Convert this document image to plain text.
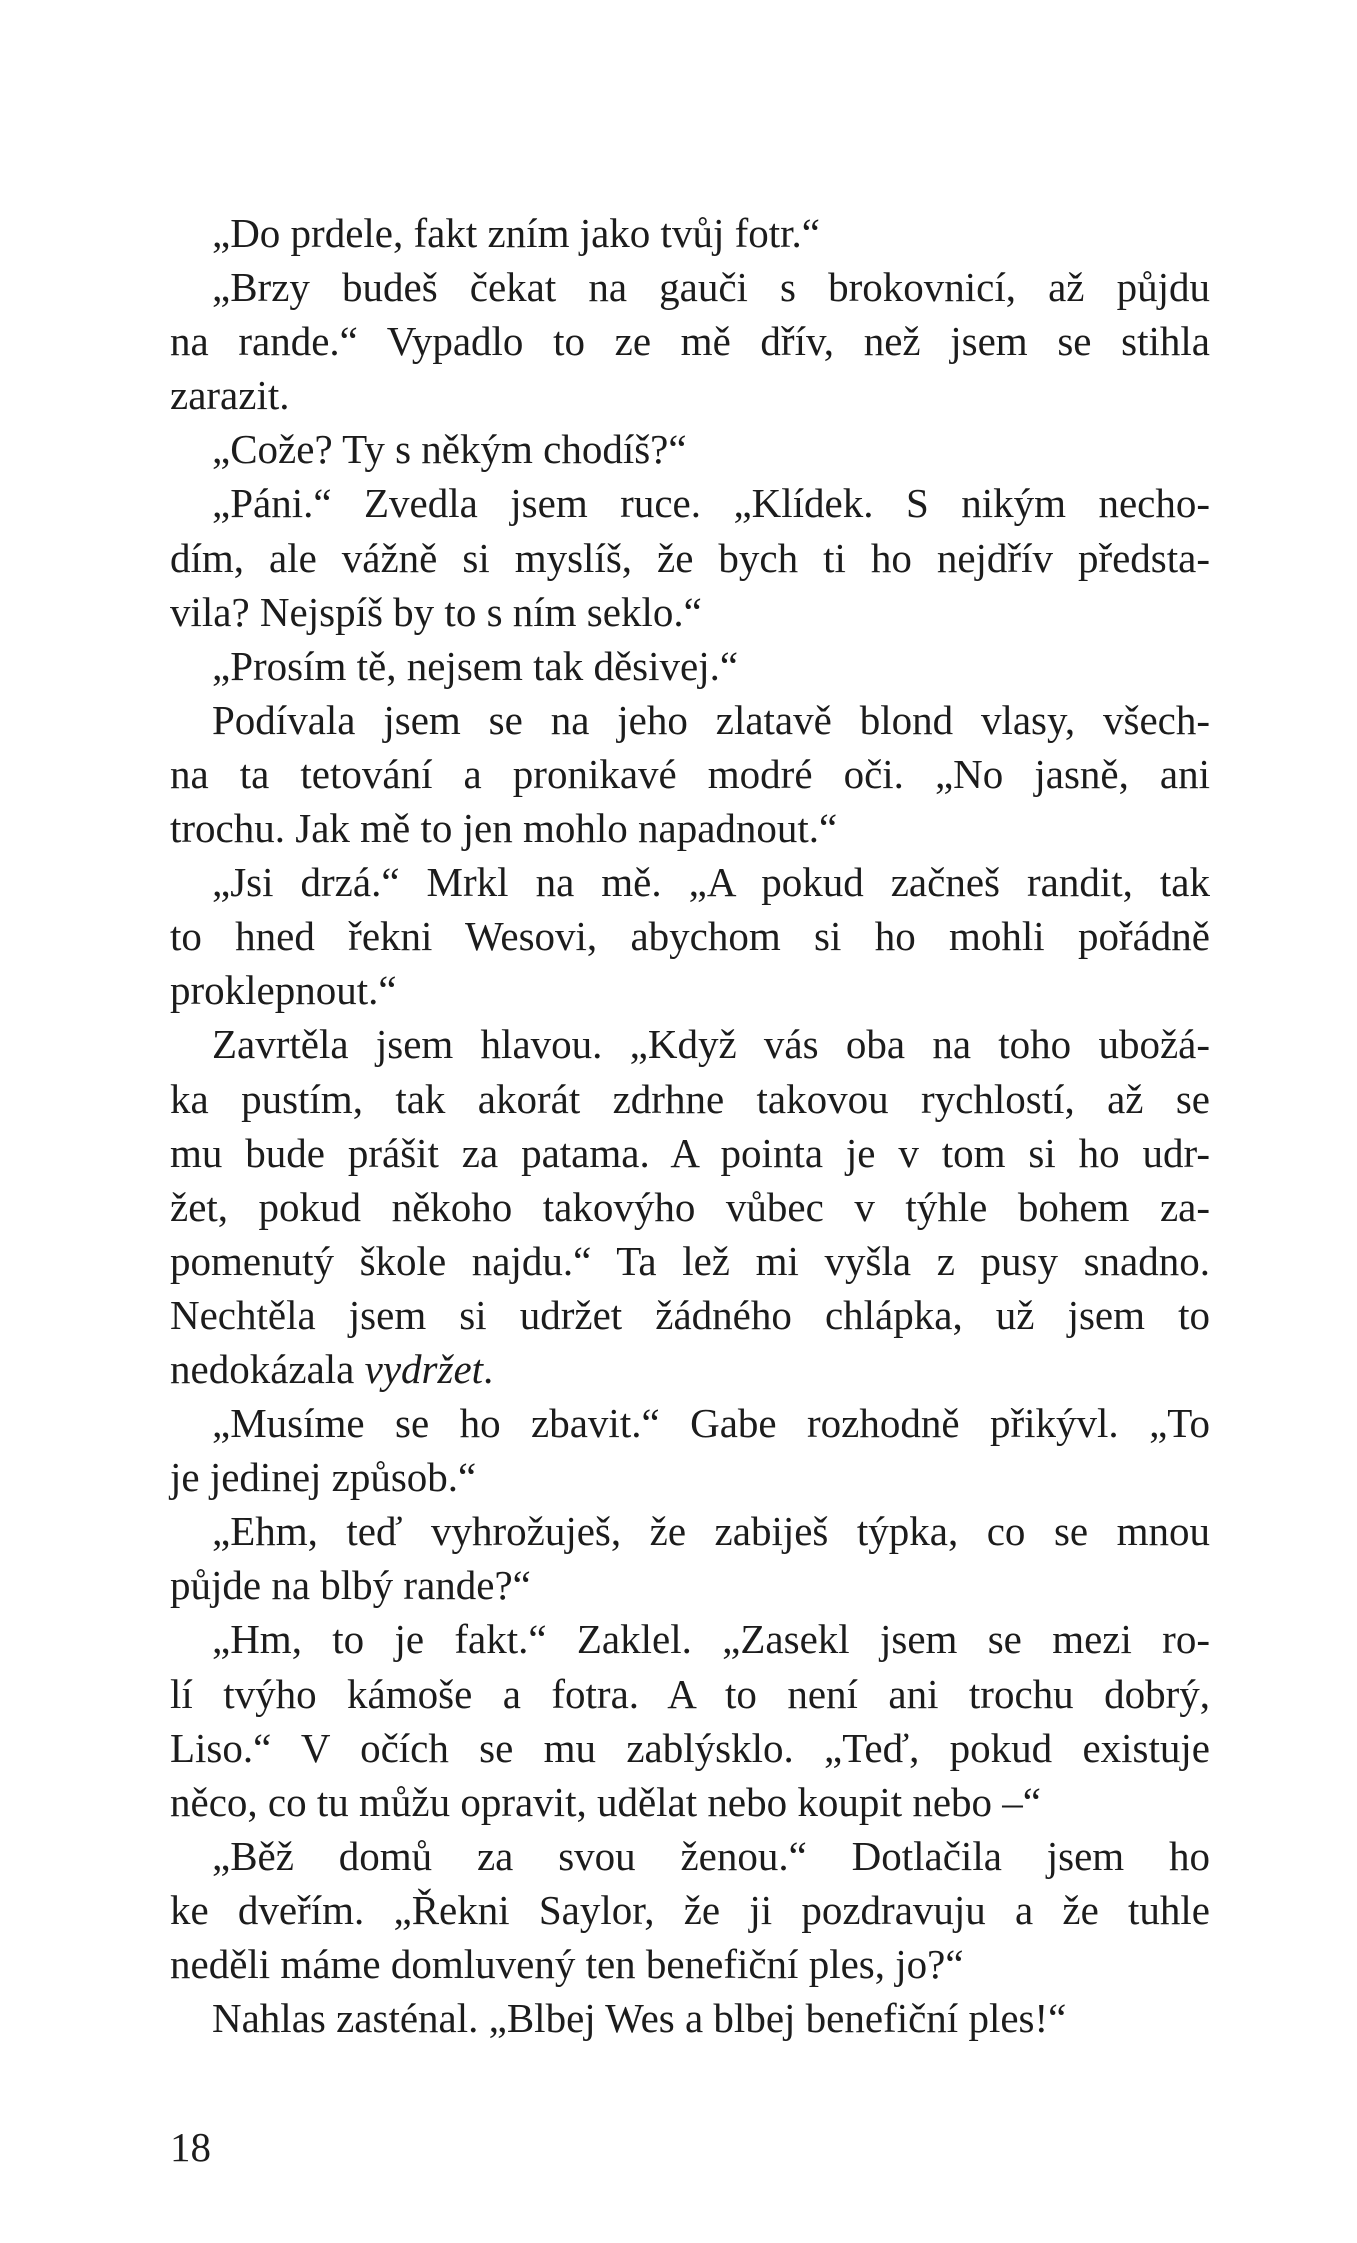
„Do prdele, fakt zním jako tvůj fotr.“
„Brzy budeš čekat na gauči s brokovnicí, až půjdu
na rande.“ Vypadlo to ze mě dřív, než jsem se stihla
zarazit.
„Cože? Ty s někým chodíš?“
„Páni.“ Zvedla jsem ruce. „Klídek. S nikým necho-
dím, ale vážně si myslíš, že bych ti ho nejdřív předsta-
vila? Nejspíš by to s ním seklo.“
„Prosím tě, nejsem tak děsivej.“
Podívala jsem se na jeho zlatavě blond vlasy, všech-
na ta tetování a pronikavé modré oči. „No jasně, ani
trochu. Jak mě to jen mohlo napadnout.“
„Jsi drzá.“ Mrkl na mě. „A pokud začneš randit, tak
to hned řekni Wesovi, abychom si ho mohli pořádně
proklepnout.“
Zavrtěla jsem hlavou. „Když vás oba na toho ubožá-
ka pustím, tak akorát zdrhne takovou rychlostí, až se
mu bude prášit za patama. A pointa je v tom si ho udr-
žet, pokud někoho takovýho vůbec v týhle bohem za-
pomenutý škole najdu.“ Ta lež mi vyšla z pusy snadno.
Nechtěla jsem si udržet žádného chlápka, už jsem to
nedokázala vydržet.
„Musíme se ho zbavit.“ Gabe rozhodně přikývl. „To
je jedinej způsob.“
„Ehm, teď vyhrožuješ, že zabiješ týpka, co se mnou
půjde na blbý rande?“
„Hm, to je fakt.“ Zaklel. „Zasekl jsem se mezi ro-
lí tvýho kámoše a fotra. A to není ani trochu dobrý,
Liso.“ V očích se mu zablýsklo. „Teď, pokud existuje
něco, co tu můžu opravit, udělat nebo koupit nebo –“
„Běž domů za svou ženou.“ Dotlačila jsem ho
ke dveřím. „Řekni Saylor, že ji pozdravuju a že tuhle
neděli máme domluvený ten benefiční ples, jo?“
Nahlas zasténal. „Blbej Wes a blbej benefiční ples!“
18
